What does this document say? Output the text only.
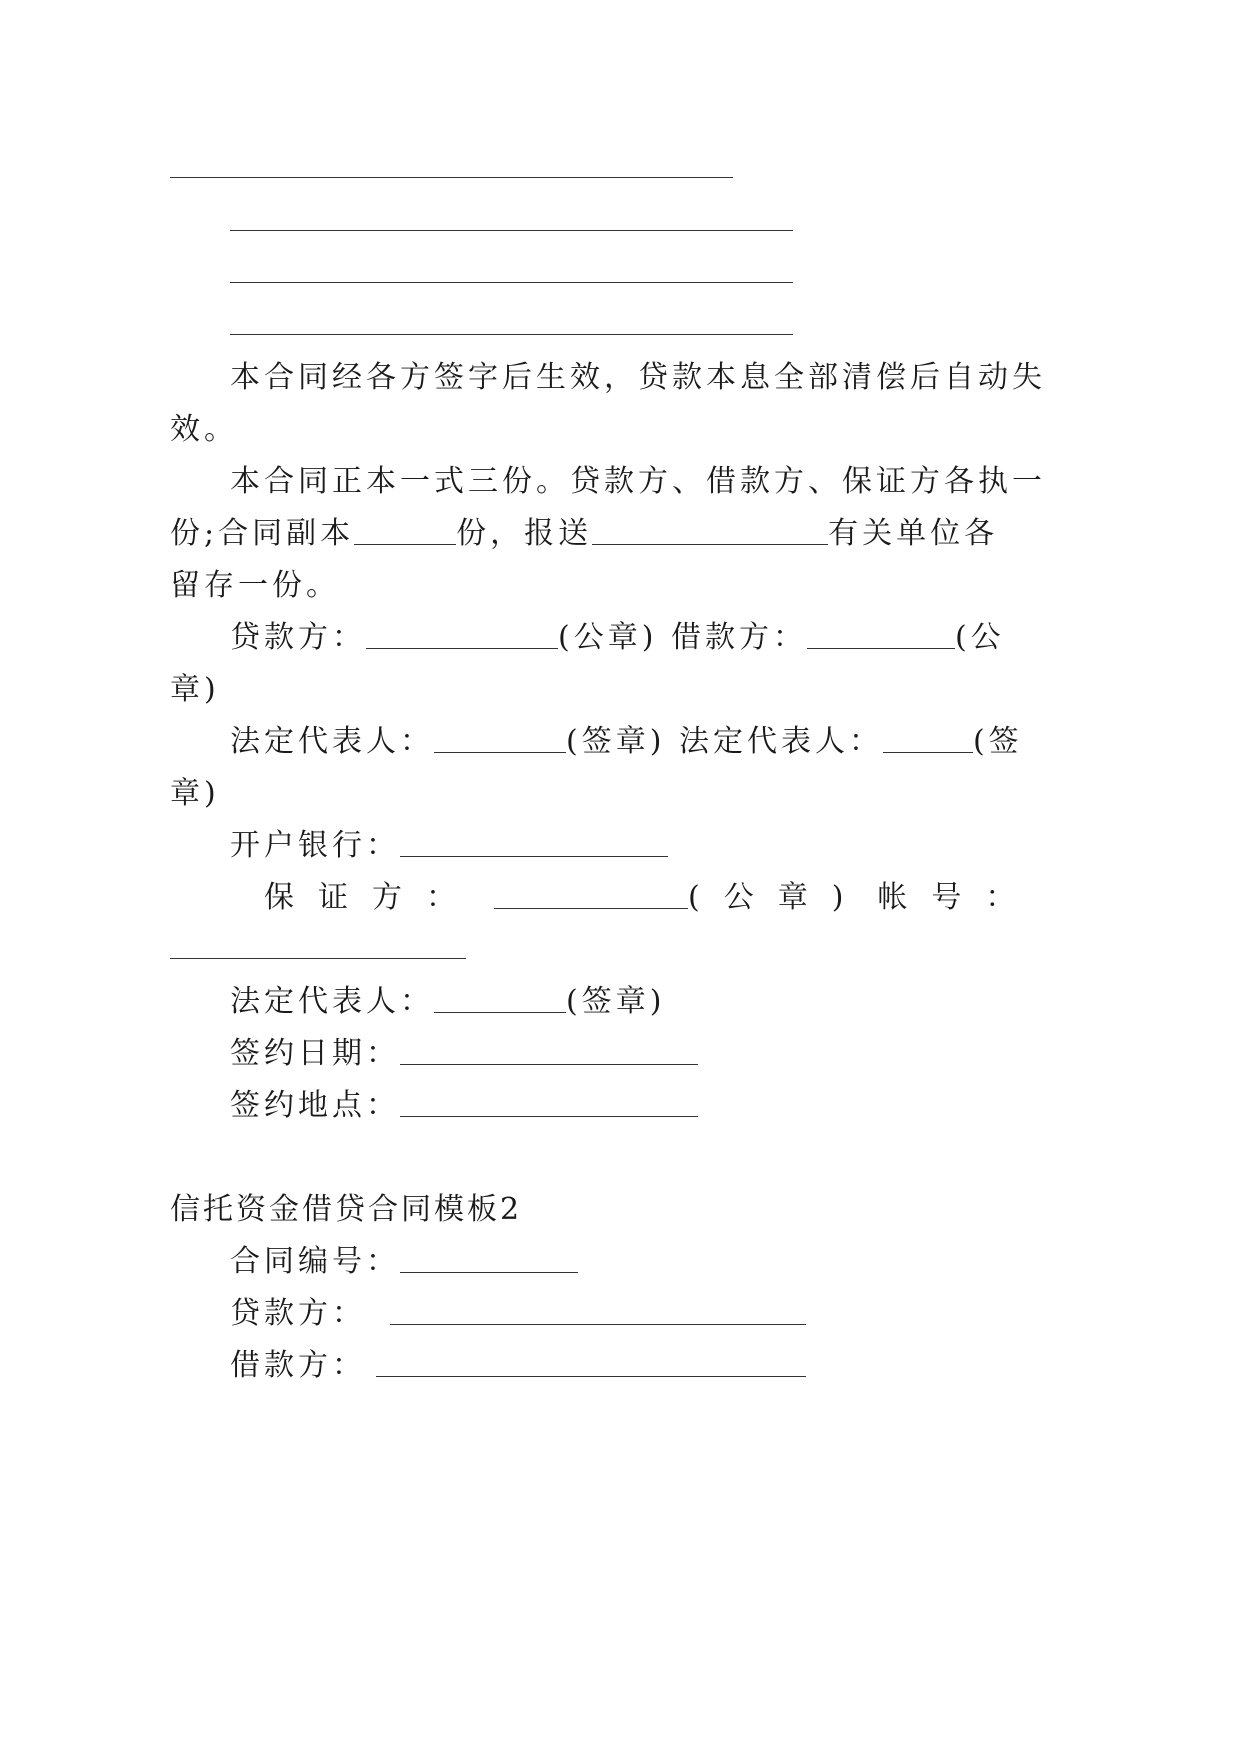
本合同经各方签字后生效，贷款本息全部清偿后自动失
效。
本合同正本一式三份。贷款方、借款方、保证方各执一
份;合同副本	份，报送	有关单位各
留存一份。
贷款方：	(公章) 借款方：	(公
章)
法定代表人：	(签章) 法定代表人：	(签
章)
开户银行：
保证方：	(公章) 帐号：
法定代表人：	(签章)
签约日期：
签约地点：
信托资金借贷合同模板2
合同编号：
贷款方：
借款方：
